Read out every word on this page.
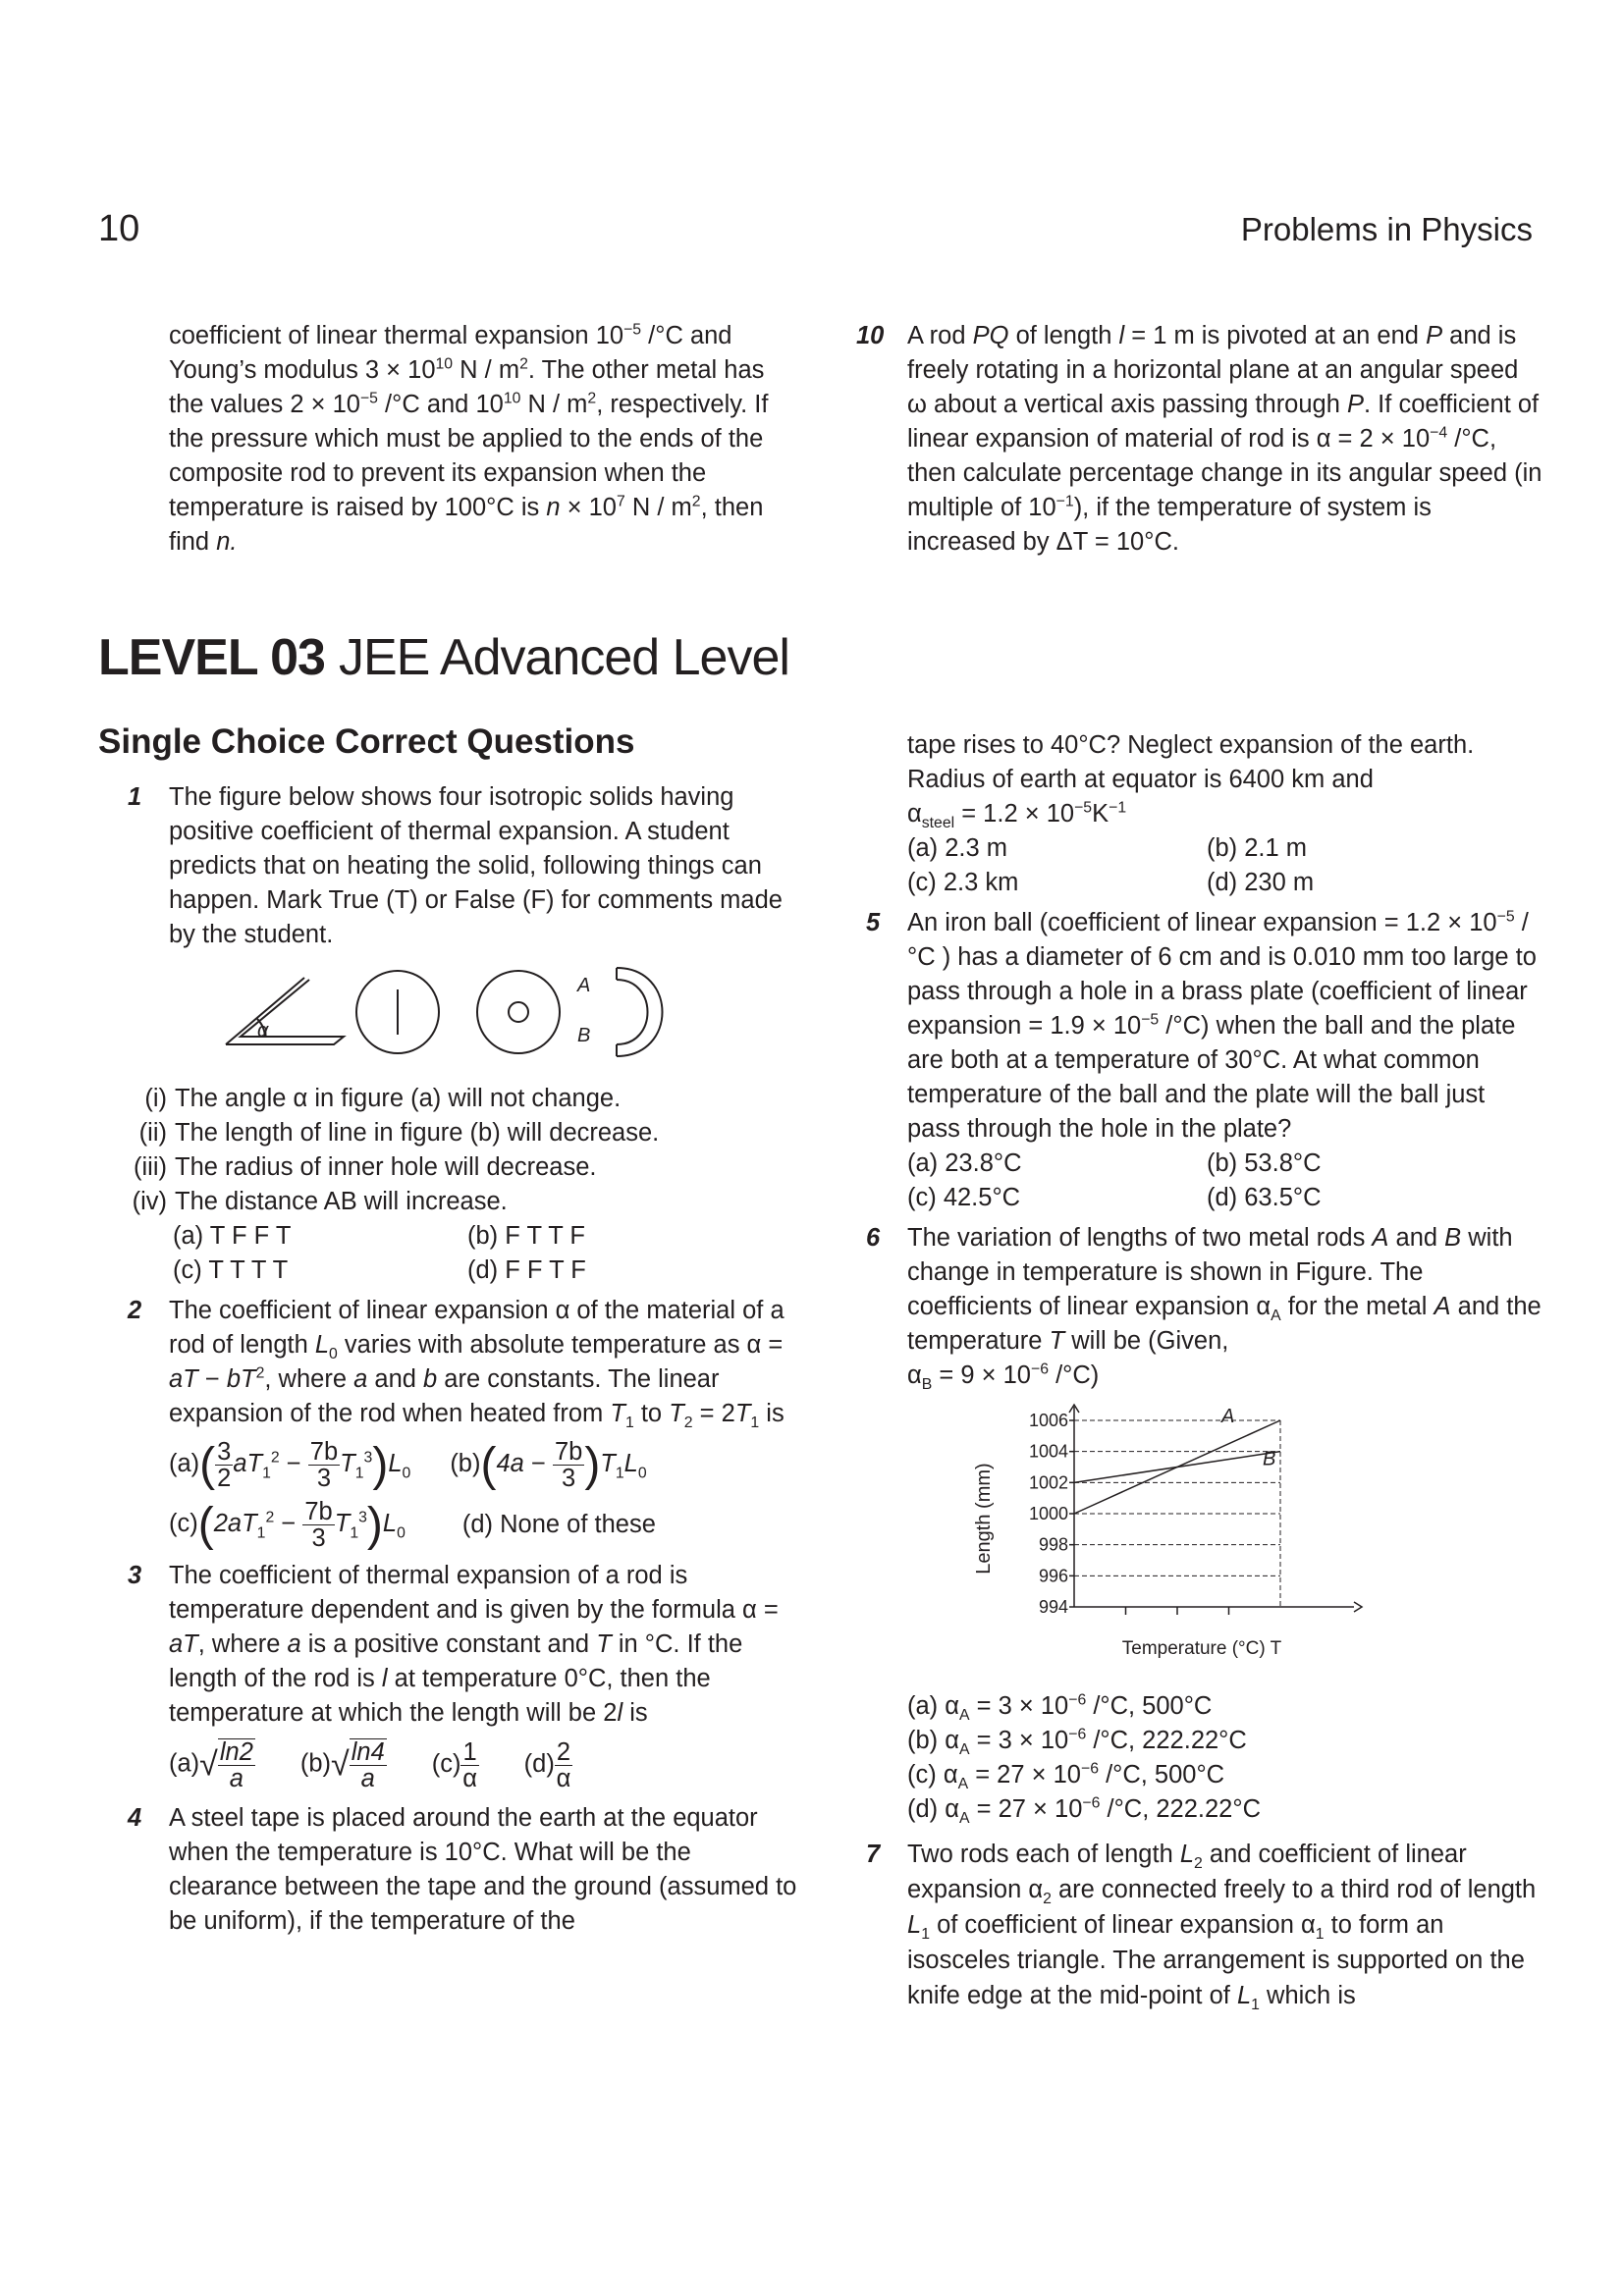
10	Problems in Physics

coefficient of linear thermal expansion $10^{-5}$ /°C and Young’s modulus $3 \times 10^{10}$ N / $m^2$. The other metal has the values $2 \times 10^{-5}$ /°C and $10^{10}$ N / $m^2$, respectively. If the pressure which must be applied to the ends of the composite rod to prevent its expansion when the temperature is raised by 100°C is $n \times 10^7$ N / $m^2$, then find n.

10 A rod PQ of length l = 1 m is pivoted at an end P and is freely rotating in a horizontal plane at an angular speed ω about a vertical axis passing through P. If coefficient of linear expansion of material of rod is $\alpha = 2 \times 10^{-4}$ /°C, then calculate percentage change in its angular speed (in multiple of $10^{-1}$), if the temperature of system is increased by ΔT = 10°C.

LEVEL 03 JEE Advanced Level
Single Choice Correct Questions
1 The figure below shows four isotropic solids having positive coefficient of thermal expansion. A student predicts that on heating the solid, following things can happen. Mark True (T) or False (F) for comments made by the student.

α
A
B
(i) The angle α in figure (a) will not change.
(ii) The length of line in figure (b) will decrease.
(iii) The radius of inner hole will decrease.
(iv) The distance AB will increase.
(a) T F F T	(b) F T T F
(c) T T T T	(d) F F T F
2 The coefficient of linear expansion α of the material of a rod of length $L_0$ varies with absolute temperature as α = aT − $bT^2$, where a and b are constants. The linear expansion of the rod when heated from $T_1$ to $T_2 = 2T_1$ is

$(a)( \frac{3}{2} aT_1^2 - \frac{7b}{3} T_1^3)L_0$ $(b)(4a - \frac{7b}{3} )T_1L_0$
$(c)(2aT_1^2 - \frac{7b}{3} T_1^3)L_0$ (d) None of these
3 The coefficient of thermal expansion of a rod is temperature dependent and is given by the formula α = aT, where a is a positive constant and T in °C. If the length of the rod is l at temperature 0°C, then the temperature at which the length will be 2l is

$(a)√ \frac{\ln 2}{a} (b)√ \frac{\ln 4}{a} (c) \frac{1}{\alpha} (d) \frac{2}{\alpha}$
4 A steel tape is placed around the earth at the equator when the temperature is 10°C. What will be the clearance between the tape and the ground (assumed to be uniform), if the temperature of the

tape rises to 40°C? Neglect expansion of the earth. Radius of earth at equator is 6400 km and
$\alpha_{steel} = 1.2 \times 10^{-5}K^{-1}$

(a) 2.3 m	(b) 2.1 m
(c) 2.3 km	(d) 230 m
5 An iron ball (coefficient of linear expansion = $1.2 \times 10^{-5}$ /°C ) has a diameter of 6 cm and is 0.010 mm too large to pass through a hole in a brass plate (coefficient of linear expansion = $1.9 \times 10^{-5}$ /°C) when the ball and the plate are both at a temperature of 30°C. At what common temperature of the ball and the plate will the ball just pass through the hole in the plate?

(a) 23.8°C	(b) 53.8°C
(c) 42.5°C	(d) 63.5°C
6 The variation of lengths of two metal rods A and B with change in temperature is shown in Figure. The coefficients of linear expansion $\alpha_A$ for the metal A and the temperature T will be (Given,
$\alpha_B = 9 \times 10^{-6}$ /°C)

Length (mm)
1006
1004
1002
1000
998
996
994
A
B
Temperature (°C) T
(a) $\alpha_A = 3 \times 10^{-6}$ /°C, 500°C
(b) $\alpha_A = 3 \times 10^{-6}$ /°C, 222.22°C
(c) $\alpha_A = 27 \times 10^{-6}$ /°C, 500°C
(d) $\alpha_A = 27 \times 10^{-6}$ /°C, 222.22°C
7 Two rods each of length $L_2$ and coefficient of linear expansion $\alpha_2$ are connected freely to a third rod of length $L_1$ of coefficient of linear expansion $\alpha_1$ to form an isosceles triangle. The arrangement is supported on the knife edge at the mid-point of $L_1$ which is
